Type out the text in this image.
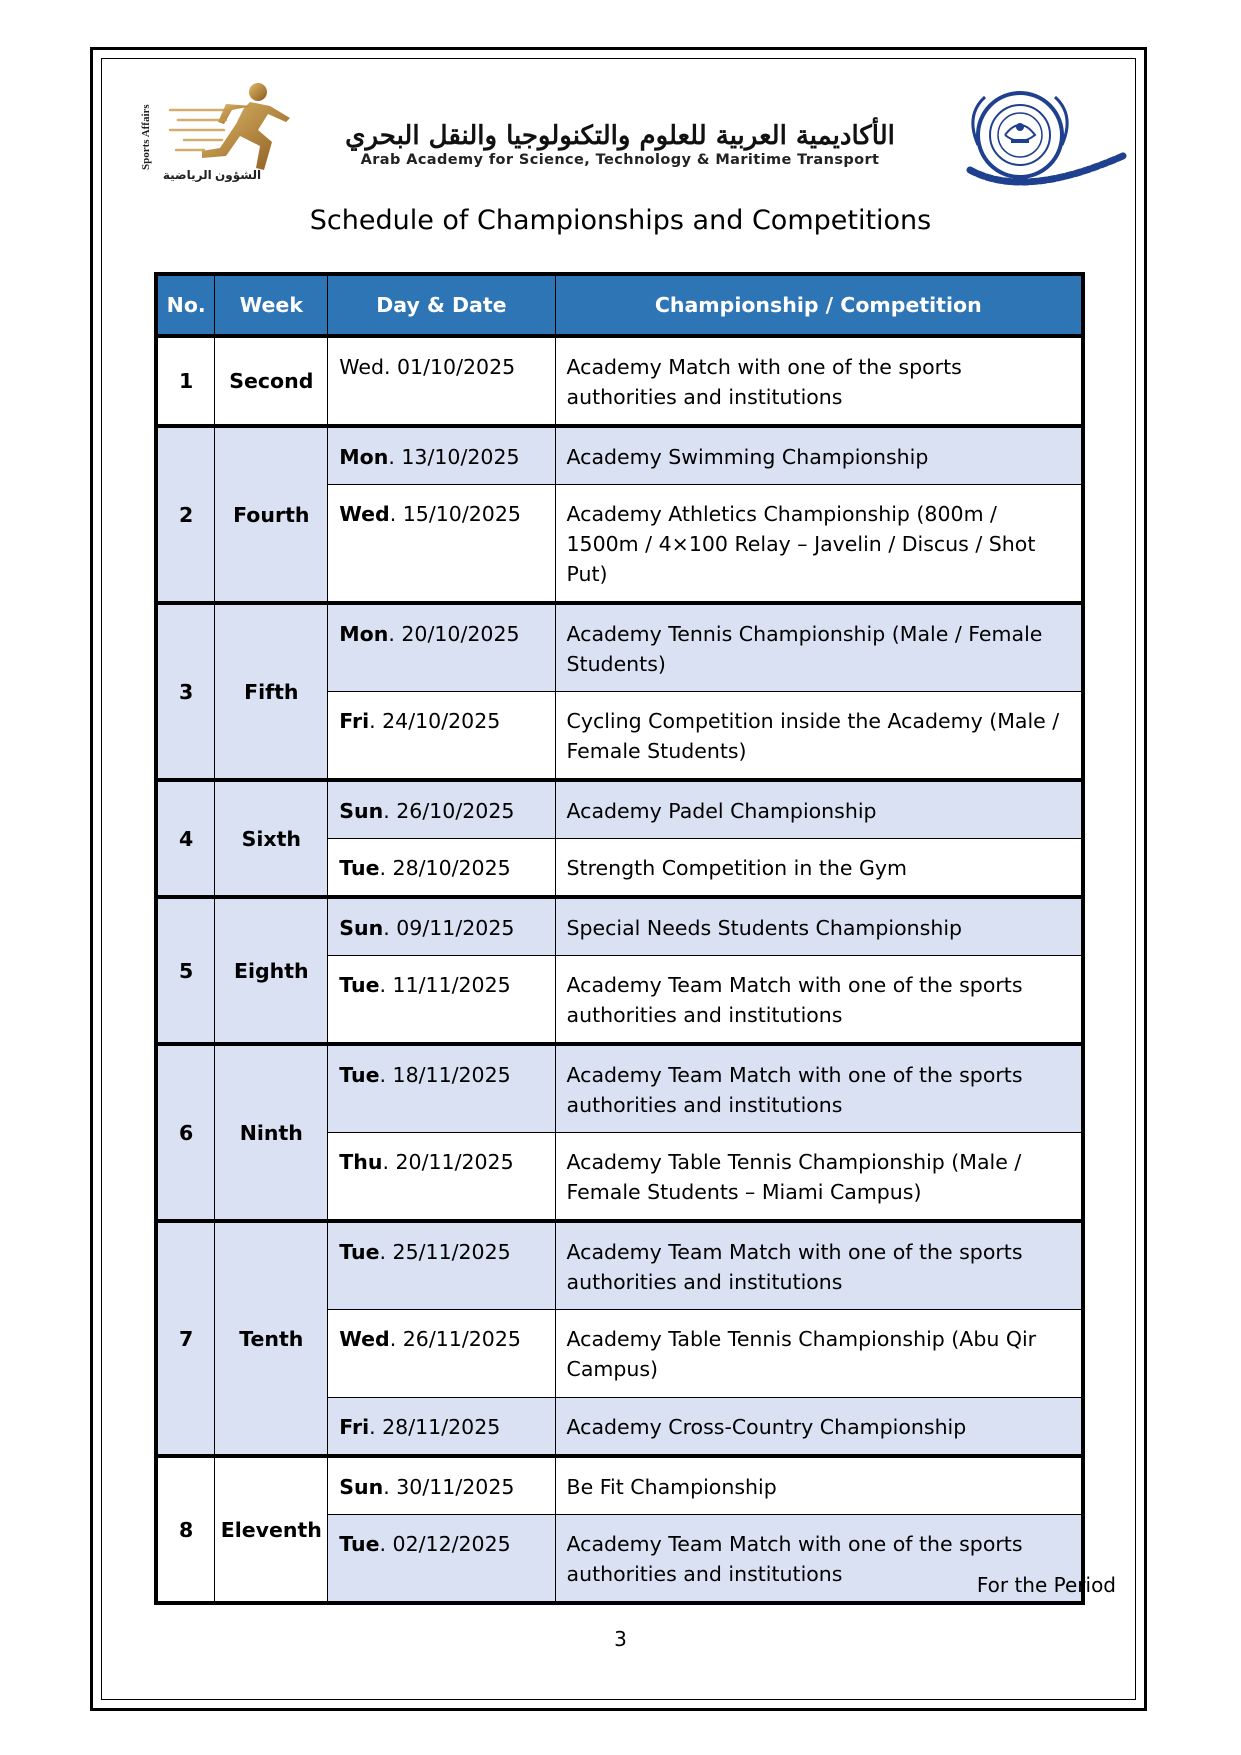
Sports Affairs
الشؤون الرياضية
الأكاديمية العربية للعلوم والتكنولوجيا والنقل البحري
Arab Academy for Science, Technology & Maritime Transport
Schedule of Championships and Competitions
No.	Week	Day & Date	Championship / Competition
1	Second	Wed. 01/10/2025	Academy Match with one of the sports authorities and institutions
2	Fourth	Mon. 13/10/2025	Academy Swimming Championship
		Wed. 15/10/2025	Academy Athletics Championship (800m / 1500m / 4×100 Relay – Javelin / Discus / Shot Put)
3	Fifth	Mon. 20/10/2025	Academy Tennis Championship (Male / Female Students)
		Fri. 24/10/2025	Cycling Competition inside the Academy (Male / Female Students)
4	Sixth	Sun. 26/10/2025	Academy Padel Championship
		Tue. 28/10/2025	Strength Competition in the Gym
5	Eighth	Sun. 09/11/2025	Special Needs Students Championship
		Tue. 11/11/2025	Academy Team Match with one of the sports authorities and institutions
6	Ninth	Tue. 18/11/2025	Academy Team Match with one of the sports authorities and institutions
		Thu. 20/11/2025	Academy Table Tennis Championship (Male / Female Students – Miami Campus)
7	Tenth	Tue. 25/11/2025	Academy Team Match with one of the sports authorities and institutions
		Wed. 26/11/2025	Academy Table Tennis Championship (Abu Qir Campus)
		Fri. 28/11/2025	Academy Cross-Country Championship
8	Eleventh	Sun. 30/11/2025	Be Fit Championship
		Tue. 02/12/2025	Academy Team Match with one of the sports authorities and institutions	For the Period
3
